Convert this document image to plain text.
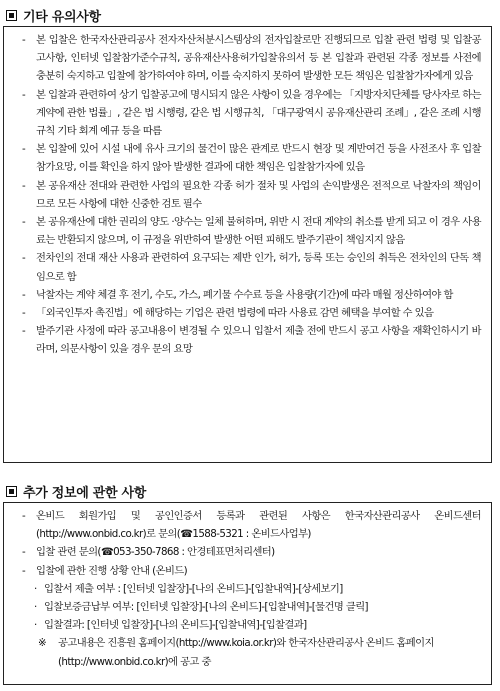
기타 유의사항
- 본 입찰은 한국자산관리공사 전자자산처분시스템상의 전자입찰로만 진행되므로 입찰 관련 법령 및 입찰공고사항, 인터넷 입찰참가준수규칙, 공유재산사용허가입찰유의서 등 본 입찰과 관련된 각종 정보를 사전에 충분히 숙지하고 입찰에 참가하여야 하며, 이를 숙지하지 못하여 발생한 모든 책임은 입찰참가자에게 있음
- 본 입찰과 관련하여 상기 입찰공고에 명시되지 않은 사항이 있을 경우에는 「지방자치단체를 당사자로 하는 계약에 관한 법률」, 같은 법 시행령, 같은 법 시행규칙, 「대구광역시 공유재산관리 조례」, 같은 조례 시행규칙 기타 회계 예규 등을 따름
- 본 입찰에 있어 시설 내에 유사 크기의 물건이 많은 관계로 반드시 현장 및 계반여건 등을 사전조사 후 입찰참가요망, 이를 확인을 하지 않아 발생한 결과에 대한 책임은 입찰참가자에 있음
- 본 공유재산 전대와 관련한 사업의 필요한 각종 허가 절차 및 사업의 손익발생은 전적으로 낙찰자의 책임이므로 모든 사항에 대한 신중한 검토 필수
- 본 공유재산에 대한 권리의 양도 ·양수는 일체 불허하며, 위반 시 전대 계약의 취소를 받게 되고 이 경우 사용료는 반환되지 않으며, 이 규정을 위반하여 발생한 어떤 피해도 발주기관이 책임지지 않음
- 전차인의 전대 재산 사용과 관련하여 요구되는 제반 인가, 허가, 등록 또는 승인의 취득은 전차인의 단독 책임으로 함
- 낙찰자는 계약 체결 후 전기, 수도, 가스, 폐기물 수수료 등을 사용량(기간)에 따라 매월 정산하여야 함
- 「외국인투자 촉진법」에 해당하는 기업은 관련 법령에 따라 사용료 감면 혜택을 부여할 수 있음
- 발주기관 사정에 따라 공고내용이 변경될 수 있으니 입찰서 제출 전에 반드시 공고 사항을 재확인하시기 바라며, 의문사항이 있을 경우 문의 요망
추가 정보에 관한 사항
- 온비드 회원가입 및 공인인증서 등록과 관련된 사항은 한국자산관리공사 온비드센터 (http://www.onbid.co.kr)로 문의(☎1588-5321 : 온비드사업부)
- 입찰 관련 문의(☎053-350-7868 : 안경테표면처리센터)
- 입찰에 관한 진행 상황 안내 (온비드)
· 입찰서 제출 여부 : [인터넷 입찰장]-[나의 온비드]-[입찰내역]-[상세보기]
· 입찰보증금납부 여부: [인터넷 입찰장]-[나의 온비드]-[입찰내역]-[물건명 클릭]
· 입찰결과: [인터넷 입찰장]-[나의 온비드]-[입찰내역]-[입찰결과]
※ 공고내용은 진흥원 홈페이지(http://www.koia.or.kr)와 한국자산관리공사 온비드 홈페이지(http://www.onbid.co.kr)에 공고 중
